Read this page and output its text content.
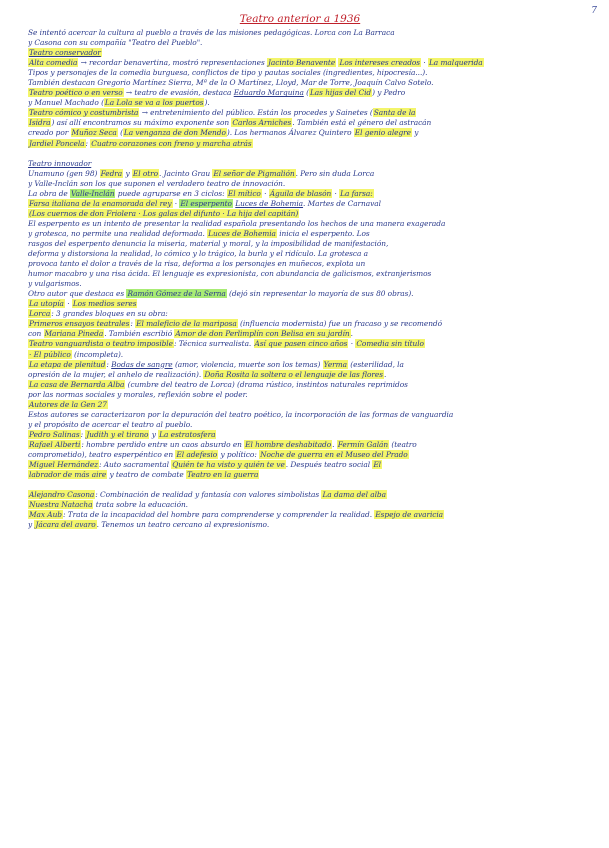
7
Teatro anterior a 1936
Se intentó acercar la cultura al pueblo a través de las misiones pedagógicas. Lorca con La Barraca
y Casona con su compañía "Teatro del Pueblo".
Teatro conservador
Alta comedia → recordar benavertina, mostró representaciones Jacinto Benavente Los intereses creados · La malquerida
Tipos y personajes de la comedia burguesa, conflictos de tipo y pautas sociales (ingredientes, hipocresía...).
También destacan Gregorio Martínez Sierra, Mª de la O Martínez, Lloyd, Mar de Torre, Joaquín Calvo Sotelo.
Teatro poético o en verso → teatro de evasión, destaca Eduardo Marquina (Las hijas del Cid) y Pedro
y Manuel Machado (La Lola se va a los puertos).
Teatro cómico y costumbrista → entretenimiento del público. Están los procedes y Sainetes (Santa de la
Isidra) así allí encontramos su máximo exponente son Carlos Arniches. También está el género del astracán
creado por Muñoz Seca (La venganza de don Mendo). Los hermanos Álvarez Quintero El genio alegre y
Jardiel Poncela: Cuatro corazones con freno y marcha atrás

Teatro innovador
Unamuno (gen 98) Fedra y El otro. Jacinto Grau El señor de Pigmalión. Pero sin duda Lorca
y Valle-Inclán son los que suponen el verdadero teatro de innovación.
La obra de Valle-Inclán puede agruparse en 3 ciclos: El mítico · Águila de blasón · La farsa:
Farsa italiana de la enamorada del rey · El esperpento Luces de Bohemia. Martes de Carnaval
(Los cuernos de don Friolera · Los galas del difunto · La hija del capitán)
El esperpento es un intento de presentar la realidad española presentando los hechos de una manera exagerada
y grotesca, no permite una realidad deformada. Luces de Bohemia inicia el esperpento. Los
rasgos del esperpento denuncia la miseria, material y moral, y la imposibilidad de manifestación,
deforma y distorsiona la realidad, lo cómico y lo trágico, la burla y el ridículo. La grotesca a
provoca tanto el dolor a través de la risa, deforma a los personajes en muñecos, explota un
humor macabro y una risa ácida. El lenguaje es expresionista, con abundancia de galicismos, extranjerismos
y vulgarismos.
Otro autor que destaca es Ramón Gómez de la Serna (dejó sin representar lo mayoría de sus 80 obras).
La utopía · Los medios seres
Lorca: 3 grandes bloques en su obra:
Primeros ensayos teatrales: El maleficio de la mariposa (influencia modernista) fue un fracaso y se recomendó
con Mariana Pineda. También escribió Amor de don Perlimplín con Belisa en su jardín.
Teatro vanguardista o teatro imposible: Técnica surrealista. Así que pasen cinco años · Comedia sin título
· El público (incompleta).
La etapa de plenitud: Bodas de sangre (amor, violencia, muerte son los temas) Yerma (esterilidad, la
opresión de la mujer, el anhelo de realización). Doña Rosita la soltera o el lenguaje de las flores.
La casa de Bernarda Alba (cumbre del teatro de Lorca) (drama rústico, instintos naturales reprimidos
por las normas sociales y morales, reflexión sobre el poder.
Autores de la Gen 27
Estos autores se caracterizaron por la depuración del teatro poético, la incorporación de las formas de vanguardia
y el propósito de acercar el teatro al pueblo.
Pedro Salinas: Judith y el tirano y La estratosfera
Rafael Alberti: hombre perdido entre un caos absurdo en El hombre deshabitado. Fermín Galán (teatro
comprometido), teatro esperpéntico en El adefesio y político: Noche de guerra en el Museo del Prado
Miguel Hernández: Auto sacramental Quién te ha visto y quién te ve. Después teatro social El
labrador de más aire y teatro de combate Teatro en la guerra

Alejandro Casona: Combinación de realidad y fantasía con valores simbolistas La dama del alba
Nuestra Natacha trata sobre la educación.
Max Aub: Trata de la incapacidad del hombre para comprenderse y comprender la realidad. Espejo de avaricia
y Jácara del avaro. Tenemos un teatro cercano al expresionismo.
